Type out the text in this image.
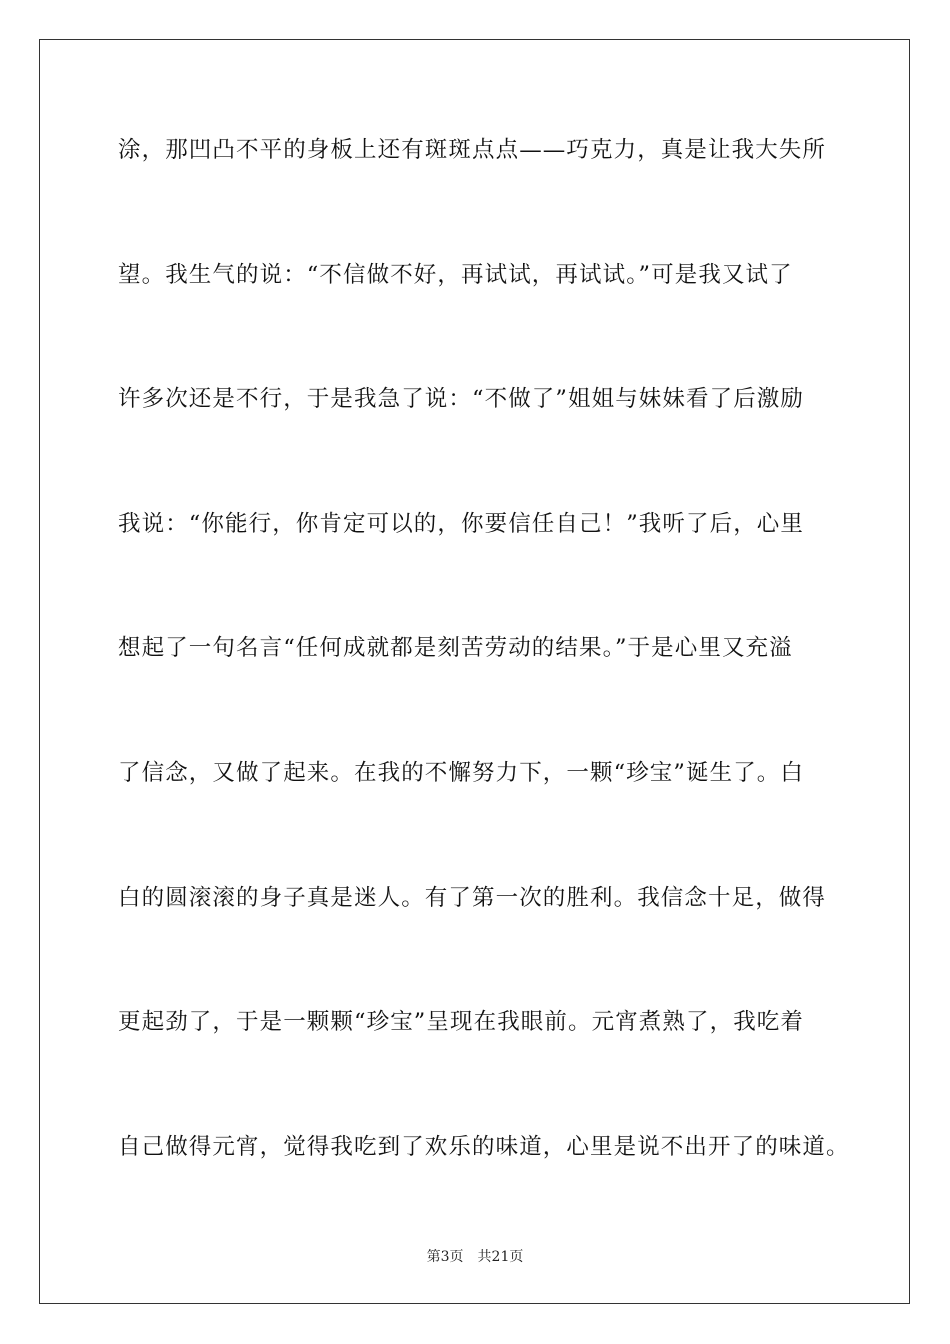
涂，那凹凸不平的身板上还有斑斑点点——巧克力，真是让我大失所
望。我生气的说：“不信做不好，再试试，再试试。”可是我又试了
许多次还是不行，于是我急了说：“不做了”姐姐与妹妹看了后激励
我说：“你能行，你肯定可以的，你要信任自己！”我听了后，心里
想起了一句名言“任何成就都是刻苦劳动的结果。”于是心里又充溢
了信念，又做了起来。在我的不懈努力下，一颗“珍宝”诞生了。白
白的圆滚滚的身子真是迷人。有了第一次的胜利。我信念十足，做得
更起劲了，于是一颗颗“珍宝”呈现在我眼前。元宵煮熟了，我吃着
自己做得元宵，觉得我吃到了欢乐的味道，心里是说不出开了的味道。
第3页 共21页
